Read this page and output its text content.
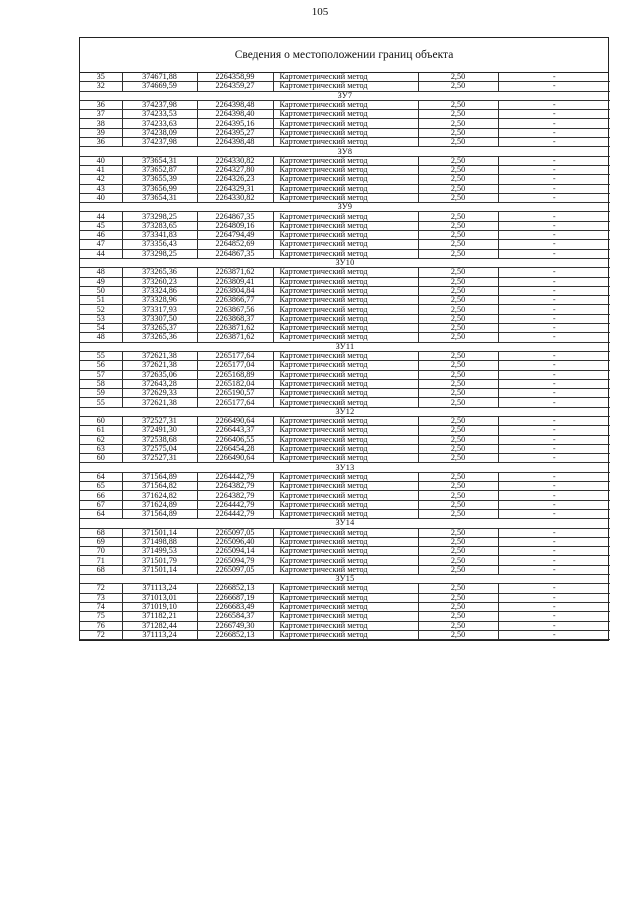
105
Сведения о местоположении границ объекта
35	374671,88	2264358,99	Картометрический метод	2,50	-
32	374669,59	2264359,27	Картометрический метод	2,50	-
ЗУ7					
36	374237,98	2264398,48	Картометрический метод	2,50	-
37	374233,53	2264398,40	Картометрический метод	2,50	-
38	374233,63	2264395,16	Картометрический метод	2,50	-
39	374238,09	2264395,27	Картометрический метод	2,50	-
36	374237,98	2264398,48	Картометрический метод	2,50	-
ЗУ8					
40	373654,31	2264330,82	Картометрический метод	2,50	-
41	373652,87	2264327,80	Картометрический метод	2,50	-
42	373655,39	2264326,23	Картометрический метод	2,50	-
43	373656,99	2264329,31	Картометрический метод	2,50	-
40	373654,31	2264330,82	Картометрический метод	2,50	-
ЗУ9					
44	373298,25	2264867,35	Картометрический метод	2,50	-
45	373283,65	2264809,16	Картометрический метод	2,50	-
46	373341,83	2264794,49	Картометрический метод	2,50	-
47	373356,43	2264852,69	Картометрический метод	2,50	-
44	373298,25	2264867,35	Картометрический метод	2,50	-
ЗУ10					
48	373265,36	2263871,62	Картометрический метод	2,50	-
49	373260,23	2263809,41	Картометрический метод	2,50	-
50	373324,86	2263804,84	Картометрический метод	2,50	-
51	373328,96	2263866,77	Картометрический метод	2,50	-
52	373317,93	2263867,56	Картометрический метод	2,50	-
53	373307,50	2263868,37	Картометрический метод	2,50	-
54	373265,37	2263871,62	Картометрический метод	2,50	-
48	373265,36	2263871,62	Картометрический метод	2,50	-
ЗУ11					
55	372621,38	2265177,64	Картометрический метод	2,50	-
56	372621,38	2265177,04	Картометрический метод	2,50	-
57	372635,06	2265168,89	Картометрический метод	2,50	-
58	372643,28	2265182,04	Картометрический метод	2,50	-
59	372629,33	2265190,57	Картометрический метод	2,50	-
55	372621,38	2265177,64	Картометрический метод	2,50	-
ЗУ12					
60	372527,31	2266490,64	Картометрический метод	2,50	-
61	372491,30	2266443,37	Картометрический метод	2,50	-
62	372538,68	2266406,55	Картометрический метод	2,50	-
63	372575,04	2266454,28	Картометрический метод	2,50	-
60	372527,31	2266490,64	Картометрический метод	2,50	-
ЗУ13					
64	371564,89	2264442,79	Картометрический метод	2,50	-
65	371564,82	2264382,79	Картометрический метод	2,50	-
66	371624,82	2264382,79	Картометрический метод	2,50	-
67	371624,89	2264442,79	Картометрический метод	2,50	-
64	371564,89	2264442,79	Картометрический метод	2,50	-
ЗУ14					
68	371501,14	2265097,05	Картометрический метод	2,50	-
69	371498,88	2265096,40	Картометрический метод	2,50	-
70	371499,53	2265094,14	Картометрический метод	2,50	-
71	371501,79	2265094,79	Картометрический метод	2,50	-
68	371501,14	2265097,05	Картометрический метод	2,50	-
ЗУ15					
72	371113,24	2266852,13	Картометрический метод	2,50	-
73	371013,01	2266687,19	Картометрический метод	2,50	-
74	371019,10	2266683,49	Картометрический метод	2,50	-
75	371182,21	2266584,37	Картометрический метод	2,50	-
76	371282,44	2266749,30	Картометрический метод	2,50	-
72	371113,24	2266852,13	Картометрический метод	2,50	-
